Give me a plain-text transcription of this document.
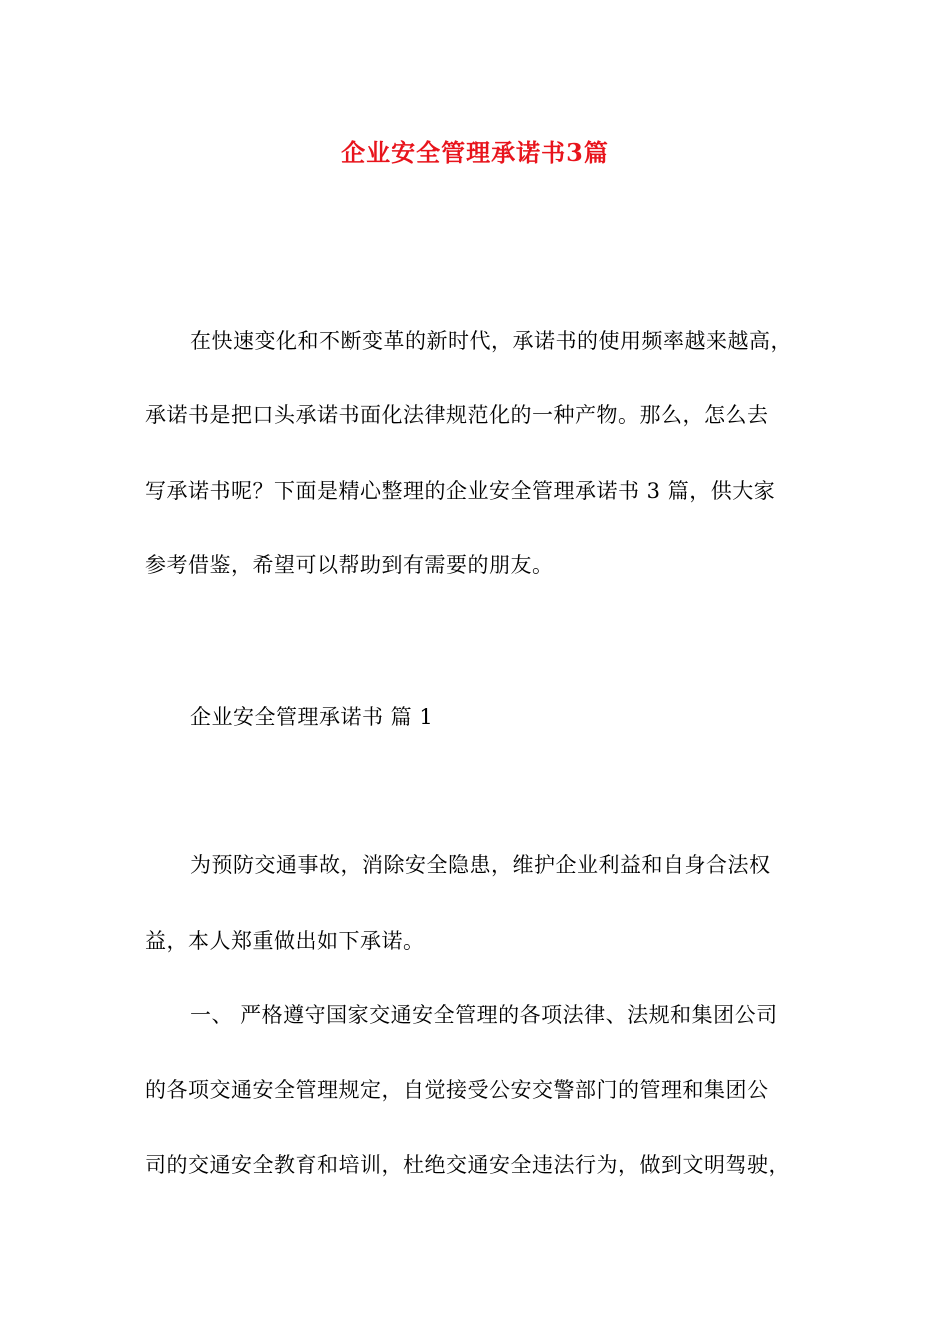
企业安全管理承诺书3篇
在快速变化和不断变革的新时代，承诺书的使用频率越来越高，
承诺书是把口头承诺书面化法律规范化的一种产物。那么，怎么去
写承诺书呢？下面是精心整理的企业安全管理承诺书 3 篇，供大家
参考借鉴，希望可以帮助到有需要的朋友。
企业安全管理承诺书 篇 1
为预防交通事故，消除安全隐患，维护企业利益和自身合法权
益，本人郑重做出如下承诺。
一、 严格遵守国家交通安全管理的各项法律、法规和集团公司
的各项交通安全管理规定，自觉接受公安交警部门的管理和集团公
司的交通安全教育和培训，杜绝交通安全违法行为，做到文明驾驶，
